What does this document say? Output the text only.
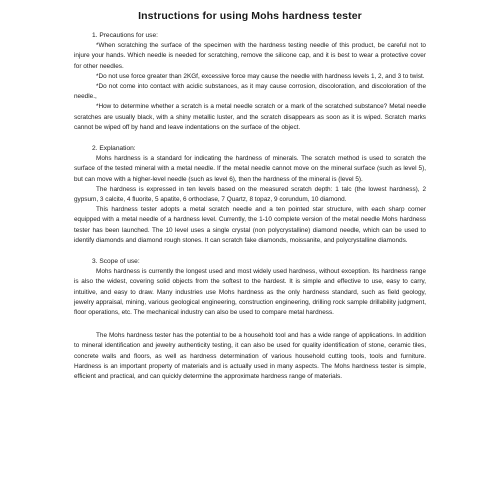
Instructions for using Mohs hardness tester
1. Precautions for use:

*When scratching the surface of the specimen with the hardness testing needle of this product, be careful not to injure your hands. Which needle is needed for scratching, remove the silicone cap, and it is best to wear a protective cover for other needles.

*Do not use force greater than 2KGf, excessive force may cause the needle with hardness levels 1, 2, and 3 to twist.

*Do not come into contact with acidic substances, as it may cause corrosion, discoloration, and discoloration of the needle.,

*How to determine whether a scratch is a metal needle scratch or a mark of the scratched substance? Metal needle scratches are usually black, with a shiny metallic luster, and the scratch disappears as soon as it is wiped. Scratch marks cannot be wiped off by hand and leave indentations on the surface of the object.

2. Explanation:

Mohs hardness is a standard for indicating the hardness of minerals. The scratch method is used to scratch the surface of the tested mineral with a metal needle. If the metal needle cannot move on the mineral surface (such as level 5), but can move with a higher-level needle (such as level 6), then the hardness of the mineral is (level 5).

The hardness is expressed in ten levels based on the measured scratch depth: 1 talc (the lowest hardness), 2 gypsum, 3 calcite, 4 fluorite, 5 apatite, 6 orthoclase, 7 Quartz, 8 topaz, 9 corundum, 10 diamond.

This hardness tester adopts a metal scratch needle and a ten pointed star structure, with each sharp corner equipped with a metal needle of a hardness level. Currently, the 1-10 complete version of the metal needle Mohs hardness tester has been launched. The 10 level uses a single crystal (non polycrystalline) diamond needle, which can be used to identify diamonds and diamond rough stones. It can scratch fake diamonds, moissanite, and polycrystalline diamonds.

3. Scope of use:

Mohs hardness is currently the longest used and most widely used hardness, without exception. Its hardness range is also the widest, covering solid objects from the softest to the hardest. It is simple and effective to use, easy to carry, intuitive, and easy to draw. Many industries use Mohs hardness as the only hardness standard, such as field geology, jewelry appraisal, mining, various geological engineering, construction engineering, drilling rock sample drillability judgment, floor operations, etc. The mechanical industry can also be used to compare metal hardness.

The Mohs hardness tester has the potential to be a household tool and has a wide range of applications. In addition to mineral identification and jewelry authenticity testing, it can also be used for quality identification of stone, ceramic tiles, concrete walls and floors, as well as hardness determination of various household cutting tools, tools and furniture. Hardness is an important property of materials and is actually used in many aspects. The Mohs hardness tester is simple, efficient and practical, and can quickly determine the approximate hardness range of materials.
